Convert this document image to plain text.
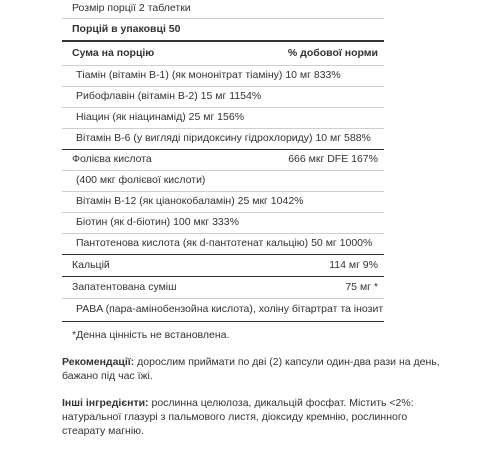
Розмір порції 2 таблетки
Порцій в упаковці 50
Сума на порцію	% добової норми
Тіамін (вітамін B-1) (як мононітрат тіаміну) 10 мг 833%
Рибофлавін (вітамін B-2) 15 мг 1154%
Ніацин (як ніацинамід) 25 мг 156%
Вітамін В-6 (у вигляді піридоксину гідрохлориду) 10 мг 588%
Фолієва кислота	666 мкг DFE 167%
(400 мкг фолієвої кислоти)
Вітамін B-12 (як ціанокобаламін) 25 мкг 1042%
Біотин (як d-біотин) 100 мкг 333%
Пантотенова кислота (як d-пантотенат кальцію) 50 мг 1000%
Кальцій	114 мг 9%
Запатентована суміш	75 мг *
PABA (пара-амінобензойна кислота), холіну бітартрат та інозит
*Денна цінність не встановлена.
Рекомендації: дорослим приймати по дві (2) капсули один-два рази на день, бажано під час їжі.
Інші інгредієнти: рослинна целюлоза, дикальцій фосфат. Містить <2%: натуральної глазурі з пальмового листя, діоксиду кремнію, рослинного стеарату магнію.
